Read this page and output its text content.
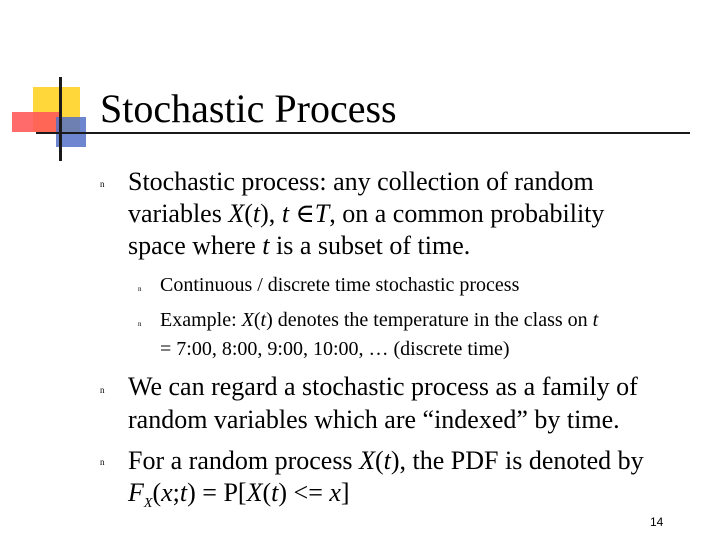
Stochastic Process
n Stochastic process: any collection of random
variables X(t), t ∈T, on a common probability
space where t is a subset of time.
n Continuous / discrete time stochastic process
n Example: X(t) denotes the temperature in the class on t
= 7:00, 8:00, 9:00, 10:00, … (discrete time)
n We can regard a stochastic process as a family of
random variables which are “indexed” by time.
n For a random process X(t), the PDF is denoted by
$F_X(x;t) = P[X(t) <= x]$
14
